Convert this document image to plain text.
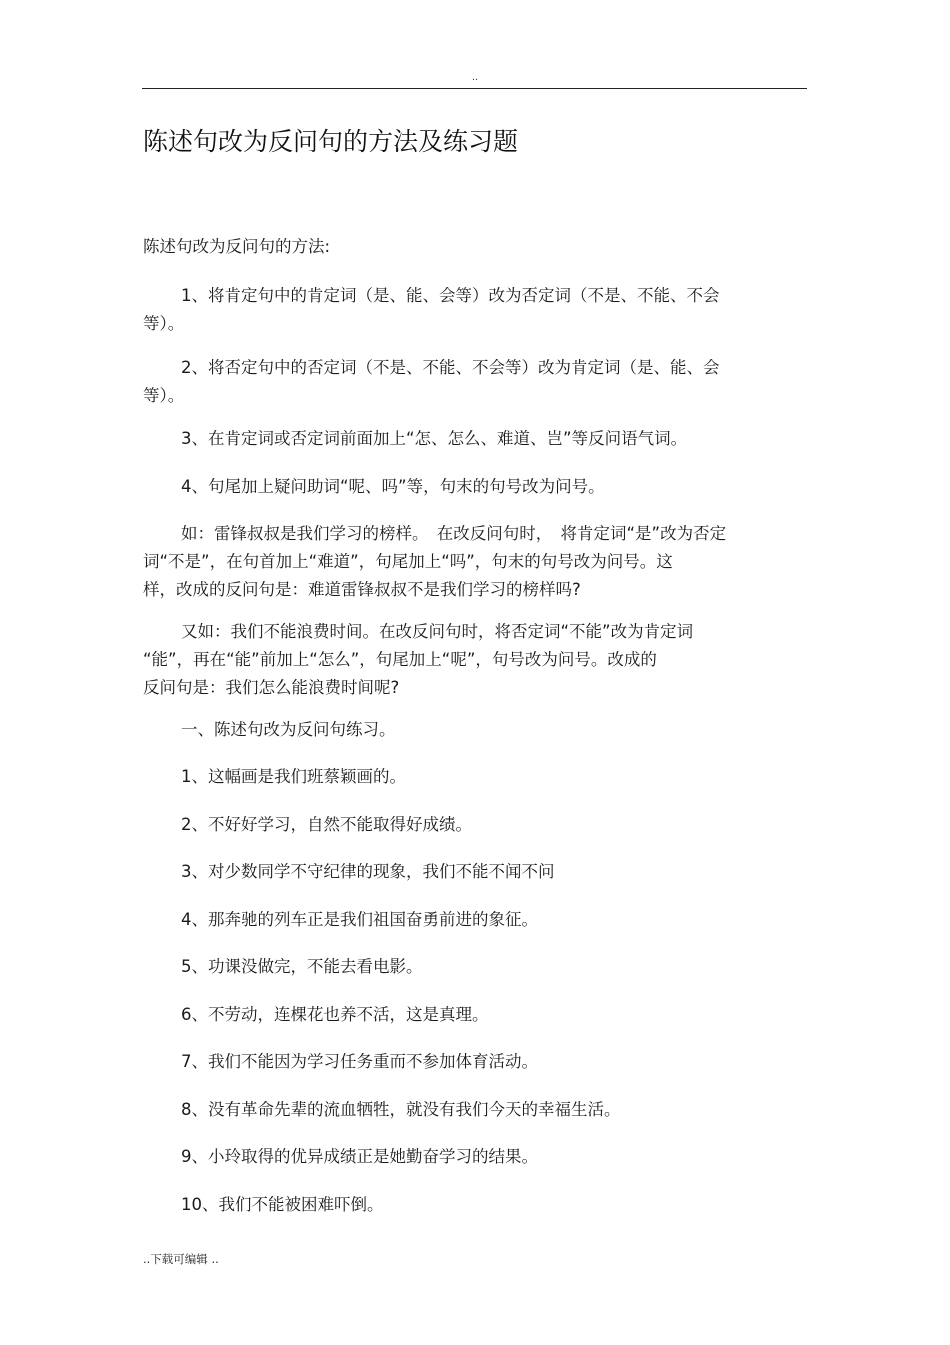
..
陈述句改为反问句的方法及练习题

陈述句改为反问句的方法:

1、将肯定句中的肯定词（是、能、会等）改为否定词（不是、不能、不会
等）。

2、将否定句中的否定词（不是、不能、不会等）改为肯定词（是、能、会
等）。

3、在肯定词或否定词前面加上“怎、怎么、难道、岂”等反问语气词。

4、句尾加上疑问助词“呢、吗”等，句末的句号改为问号。

如：雷锋叔叔是我们学习的榜样。　在改反问句时，　将肯定词“是”改为否定
词“不是”，在句首加上“难道”，句尾加上“吗”，句末的句号改为问号。这
样，改成的反问句是：难道雷锋叔叔不是我们学习的榜样吗?

又如：我们不能浪费时间。在改反问句时，将否定词“不能”改为肯定词
“能”，再在“能”前加上“怎么”，句尾加上“呢”，句号改为问号。改成的
反问句是：我们怎么能浪费时间呢?

一、陈述句改为反问句练习。

1、这幅画是我们班蔡颖画的。

2、不好好学习，自然不能取得好成绩。

3、对少数同学不守纪律的现象，我们不能不闻不问

4、那奔驰的列车正是我们祖国奋勇前进的象征。

5、功课没做完，不能去看电影。

6、不劳动，连棵花也养不活，这是真理。

7、我们不能因为学习任务重而不参加体育活动。

8、没有革命先辈的流血牺牲，就没有我们今天的幸福生活。

9、小玲取得的优异成绩正是她勤奋学习的结果。

10、我们不能被困难吓倒。

..下载可编辑 ..
